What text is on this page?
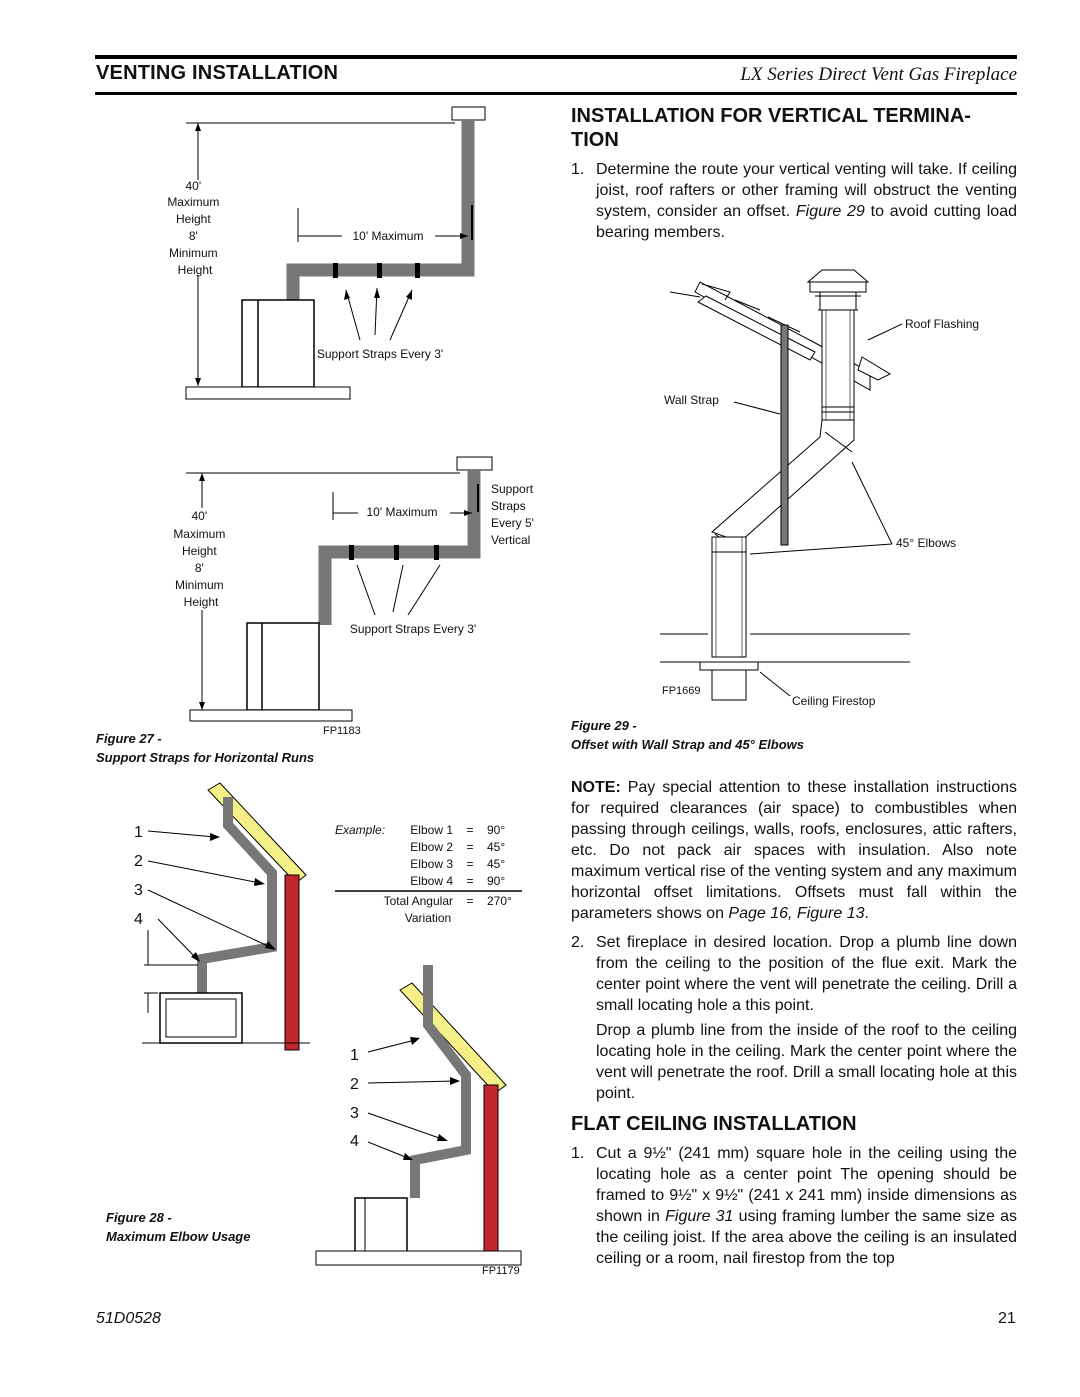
VENTING INSTALLATION	LX Series Direct Vent Gas Fireplace
40' Maximum Height 8' Minimum Height
10' Maximum
Support Straps Every 3'
40' Maximum Height 8' Minimum Height
10' Maximum
Support Straps Every 5' Vertical
Support Straps Every 3'
FP1183
Figure 27 -
Support Straps for Horizontal Runs
1
2
3
4
Example: Elbow 1 = 90°
Elbow 2 = 45°
Elbow 3 = 45°
Elbow 4 = 90°
Total Angular = 270°
Variation
1
2
3
4
FP1179
Figure 28 -
Maximum Elbow Usage
INSTALLATION FOR VERTICAL TERMINA-
TION
1. Determine the route your vertical venting will take. If ceiling joist, roof rafters or other framing will obstruct the venting system, consider an offset. Figure 29 to avoid cutting load bearing members.
Roof Flashing
Wall Strap
45° Elbows
Ceiling Firestop
FP1669
Figure 29 -
Offset with Wall Strap and 45° Elbows
NOTE: Pay special attention to these installation instructions for required clearances (air space) to combustibles when passing through ceilings, walls, roofs, enclosures, attic rafters, etc. Do not pack air spaces with insulation. Also note maximum vertical rise of the venting system and any maximum horizontal offset limitations. Offsets must fall within the parameters shows on Page 16, Figure 13.
2. Set fireplace in desired location. Drop a plumb line down from the ceiling to the position of the flue exit. Mark the center point where the vent will penetrate the ceiling. Drill a small locating hole a this point.
Drop a plumb line from the inside of the roof to the ceiling locating hole in the ceiling. Mark the center point where the vent will penetrate the roof. Drill a small locating hole at this point.
FLAT CEILING INSTALLATION
1. Cut a 9½" (241 mm) square hole in the ceiling using the locating hole as a center point The opening should be framed to 9½" x 9½" (241 x 241 mm) inside dimensions as shown in Figure 31 using framing lumber the same size as the ceiling joist. If the area above the ceiling is an insulated ceiling or a room, nail firestop from the top
51D0528	21
